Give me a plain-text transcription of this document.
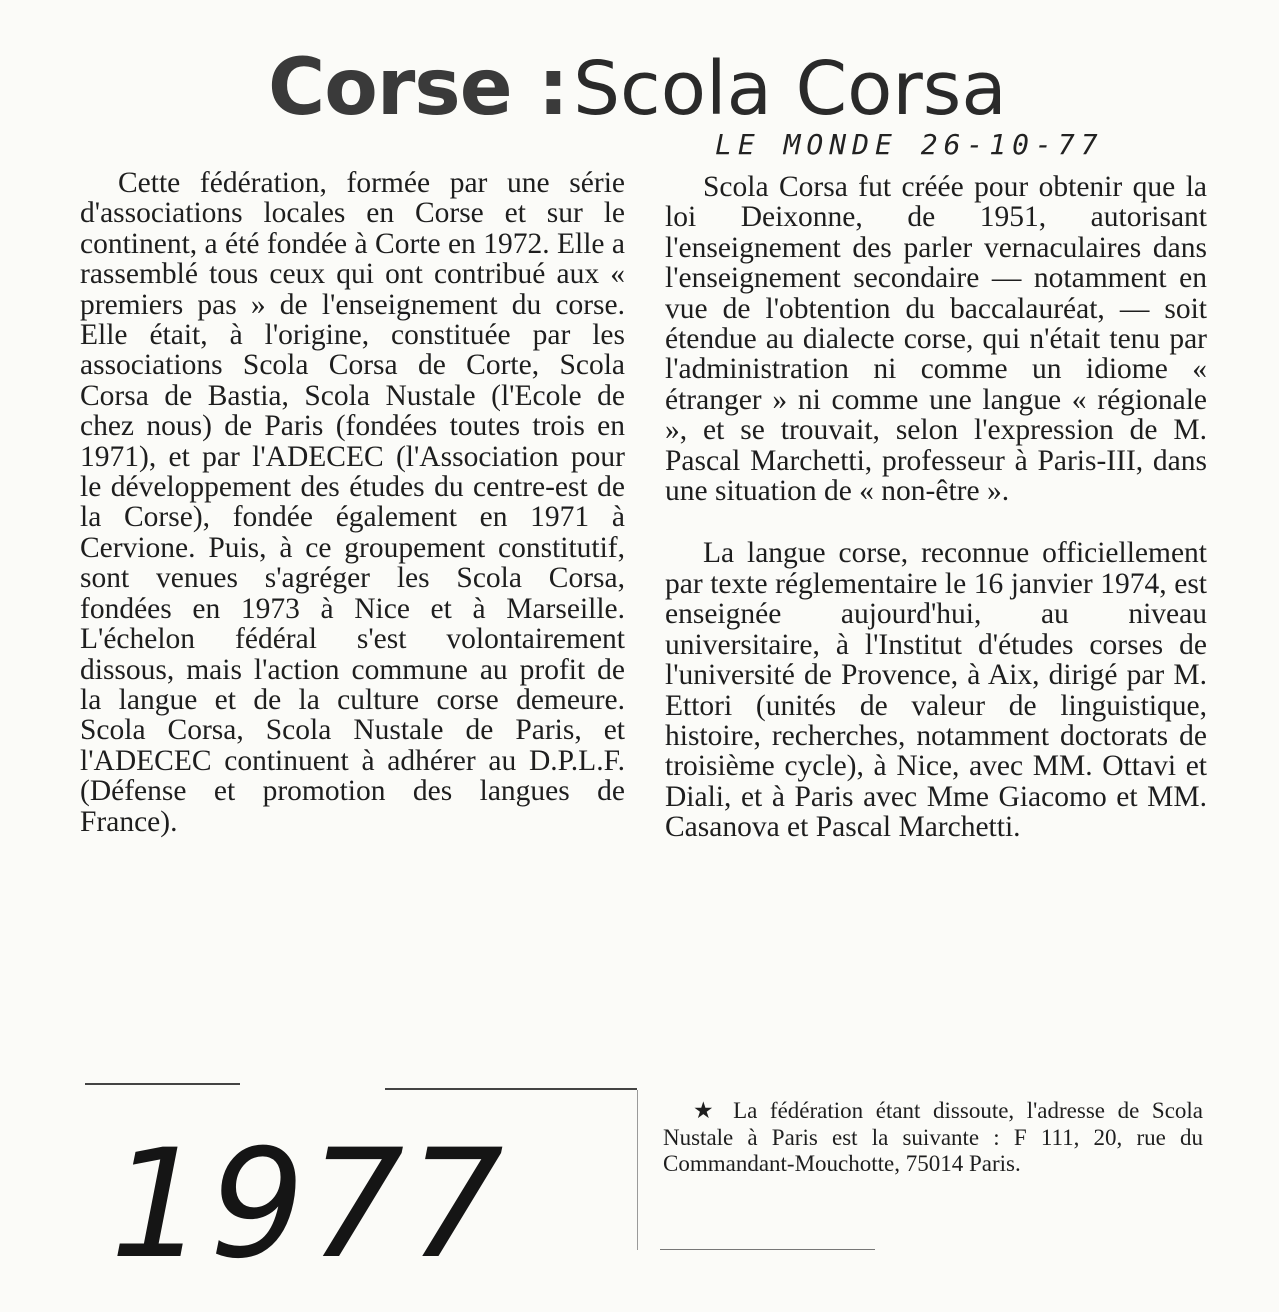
Corse : Scola Corsa
LE MONDE 26-10-77

Cette fédération, formée par une série d'associations locales en Corse et sur le continent, a été fondée à Corte en 1972. Elle a rassemblé tous ceux qui ont contribué aux « premiers pas » de l'enseignement du corse. Elle était, à l'origine, constituée par les associations Scola Corsa de Corte, Scola Corsa de Bastia, Scola Nustale (l'Ecole de chez nous) de Paris (fondées toutes trois en 1971), et par l'ADECEC (l'Association pour le développement des études du centre-est de la Corse), fondée également en 1971 à Cervione. Puis, à ce groupement constitutif, sont venues s'agréger les Scola Corsa, fondées en 1973 à Nice et à Marseille. L'échelon fédéral s'est volontairement dissous, mais l'action commune au profit de la langue et de la culture corse demeure. Scola Corsa, Scola Nustale de Paris, et l'ADECEC continuent à adhérer au D.P.L.F. (Défense et promotion des langues de France).

Scola Corsa fut créée pour obtenir que la loi Deixonne, de 1951, autorisant l'enseignement des parler vernaculaires dans l'enseignement secondaire — notamment en vue de l'obtention du baccalauréat, — soit étendue au dialecte corse, qui n'était tenu par l'administration ni comme un idiome « étranger » ni comme une langue « régionale », et se trouvait, selon l'expression de M. Pascal Marchetti, professeur à Paris-III, dans une situation de « non-être ».

La langue corse, reconnue officiellement par texte réglementaire le 16 janvier 1974, est enseignée aujourd'hui, au niveau universitaire, à l'Institut d'études corses de l'université de Provence, à Aix, dirigé par M. Ettori (unités de valeur de linguistique, histoire, recherches, notamment doctorats de troisième cycle), à Nice, avec MM. Ottavi et Diali, et à Paris avec Mme Giacomo et MM. Casanova et Pascal Marchetti.

★ La fédération étant dissoute, l'adresse de Scola Nustale à Paris est la suivante : F 111, 20, rue du Commandant-Mouchotte, 75014 Paris.

1977
